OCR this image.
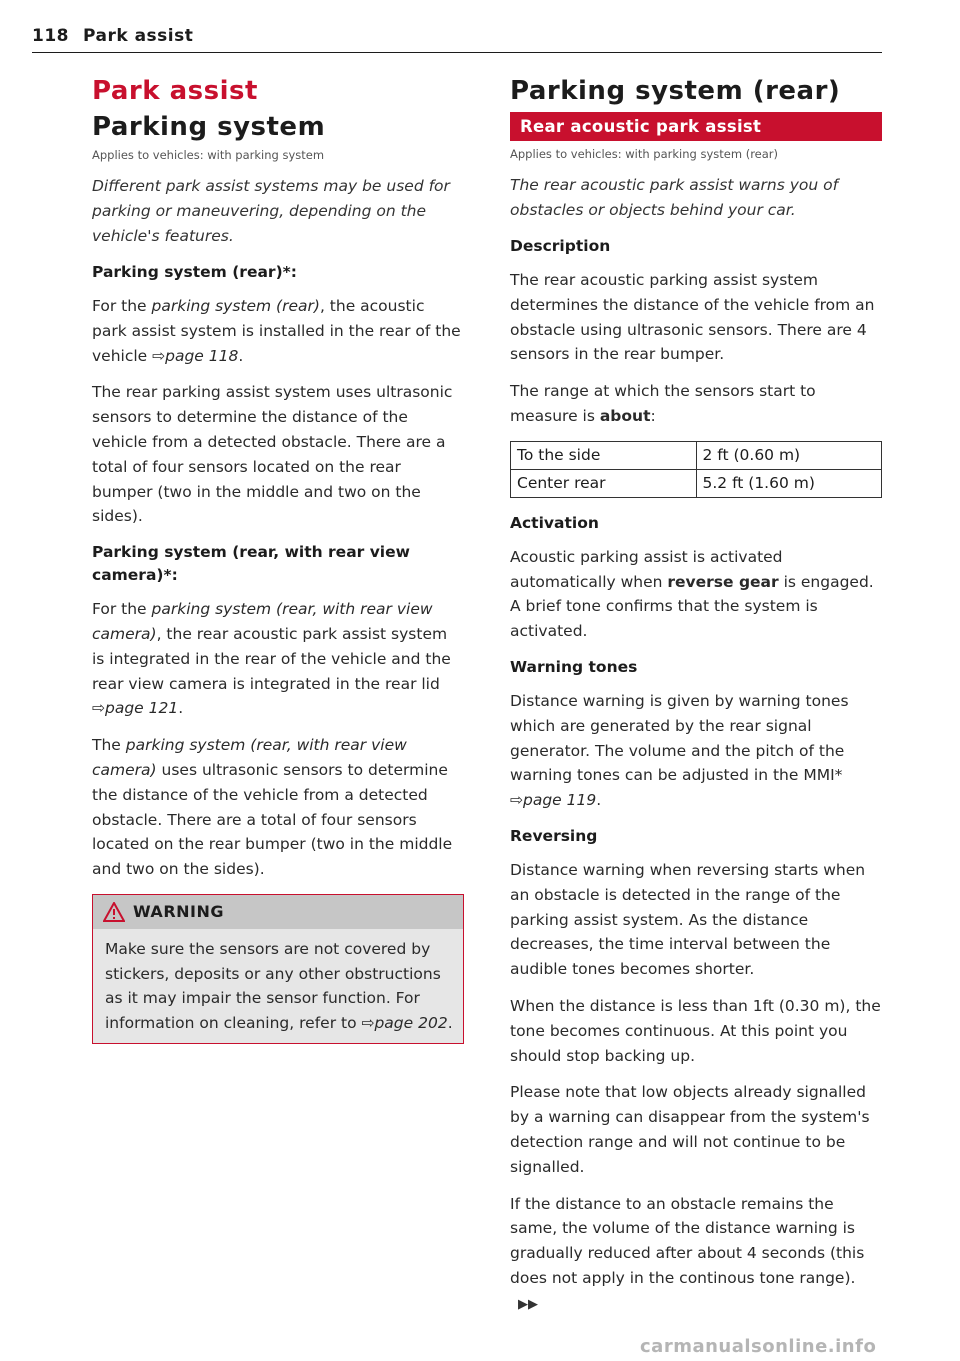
118 Park assist
Park assist
Parking system
Applies to vehicles: with parking system
Different park assist systems may be used for parking or maneuvering, depending on the vehicle's features.
Parking system (rear)*:

For the parking system (rear), the acoustic park assist system is installed in the rear of the vehicle ⇨page 118.

The rear parking assist system uses ultrasonic sensors to determine the distance of the vehicle from a detected obstacle. There are a total of four sensors located on the rear bumper (two in the middle and two on the sides).

Parking system (rear, with rear view camera)*:

For the parking system (rear, with rear view camera), the rear acoustic park assist system is integrated in the rear of the vehicle and the rear view camera is integrated in the rear lid ⇨page 121.

The parking system (rear, with rear view camera) uses ultrasonic sensors to determine the distance of the vehicle from a detected obstacle. There are a total of four sensors located on the rear bumper (two in the middle and two on the sides).

WARNING
Make sure the sensors are not covered by stickers, deposits or any other obstructions as it may impair the sensor function. For information on cleaning, refer to ⇨page 202.
Parking system (rear)
Rear acoustic park assist
Applies to vehicles: with parking system (rear)
The rear acoustic park assist warns you of obstacles or objects behind your car.
Description

The rear acoustic parking assist system determines the distance of the vehicle from an obstacle using ultrasonic sensors. There are 4 sensors in the rear bumper.

The range at which the sensors start to measure is about:

To the side	2 ft (0.60 m)
Center rear	5.2 ft (1.60 m)
Activation

Acoustic parking assist is activated automatically when reverse gear is engaged. A brief tone confirms that the system is activated.

Warning tones

Distance warning is given by warning tones which are generated by the rear signal generator. The volume and the pitch of the warning tones can be adjusted in the MMI* ⇨page 119.

Reversing

Distance warning when reversing starts when an obstacle is detected in the range of the parking assist system. As the distance decreases, the time interval between the audible tones becomes shorter.

When the distance is less than 1ft (0.30 m), the tone becomes continuous. At this point you should stop backing up.

Please note that low objects already signalled by a warning can disappear from the system's detection range and will not continue to be signalled.

If the distance to an obstacle remains the same, the volume of the distance warning is gradually reduced after about 4 seconds (this does not apply in the continous tone range).▶▶

carmanualsonline.info
